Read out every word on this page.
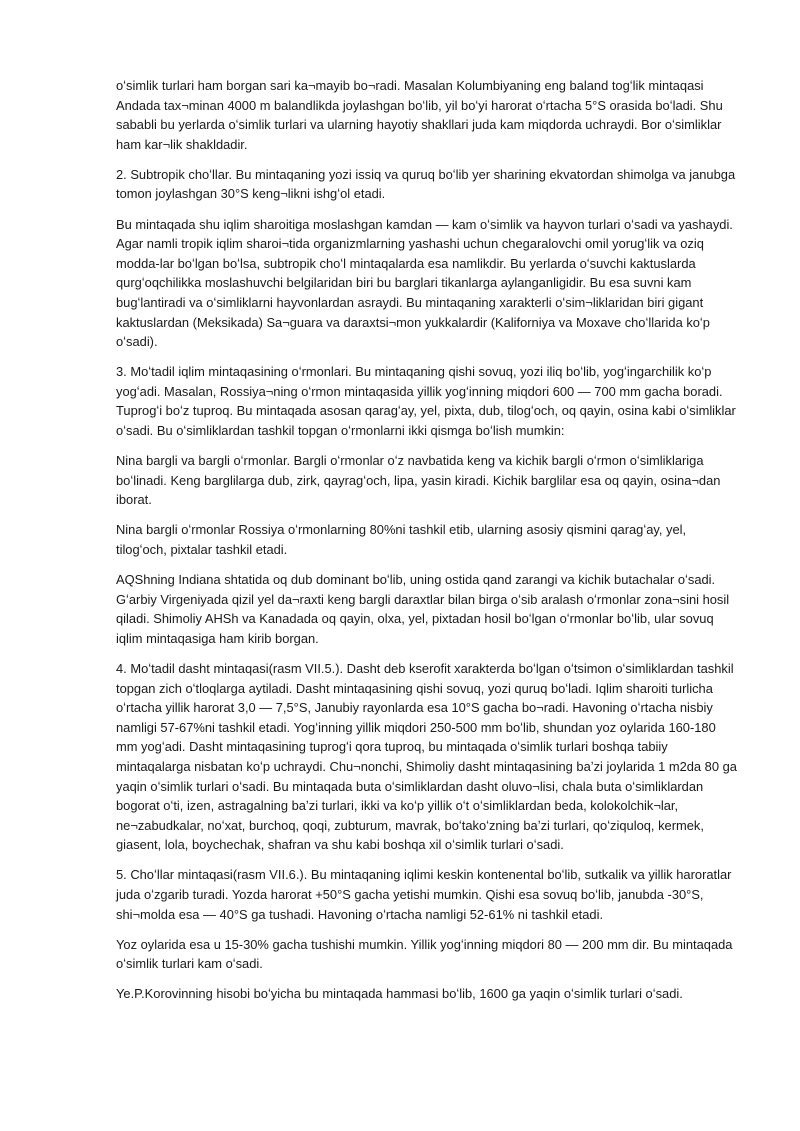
oʻsimlik turlari ham borgan sari ka¬mayib bo¬radi. Masalan Kolumbiyaning eng baland togʻlik mintaqasi Andada tax¬minan 4000 m balandlikda joylashgan boʻlib, yil boʻyi harorat oʻrtacha 5°S orasida boʻladi. Shu sababli bu yerlarda oʻsimlik turlari va ularning hayotiy shakllari juda kam miqdorda uchraydi. Bor oʻsimliklar ham kar¬lik shakldadir.

2. Subtropik choʻllar. Bu mintaqaning yozi issiq va quruq boʻlib yer sharining ekvatordan shimolga va janubga tomon joylashgan 30°S keng¬likni ishgʻol etadi.

Bu mintaqada shu iqlim sharoitiga moslashgan kamdan — kam oʻsimlik va hayvon turlari oʻsadi va yashaydi. Agar namli tropik iqlim sharoi¬tida organizmlarning yashashi uchun chegaralovchi omil yorugʻlik va oziq modda-lar boʻlgan boʻlsa, subtropik choʻl mintaqalarda esa namlikdir. Bu yerlarda oʻsuvchi kaktuslarda qurgʻoqchilikka moslashuvchi belgilaridan biri bu barglari tikanlarga aylanganligidir. Bu esa suvni kam bugʻlantiradi va oʻsimliklarni hayvonlardan asraydi. Bu mintaqaning xarakterli oʻsim¬liklaridan biri gigant kaktuslardan (Meksikada) Sa¬guara va daraxtsi¬mon yukkalardir (Kaliforniya va Moxave choʻllarida koʻp oʻsadi).

3. Moʻtadil iqlim mintaqasining oʻrmonlari. Bu mintaqaning qishi sovuq, yozi iliq boʻlib, yogʻingarchilik koʻp yogʻadi. Masalan, Rossiya¬ning oʻrmon mintaqasida yillik yogʻinning miqdori 600 — 700 mm gacha boradi. Tuprogʻi boʻz tuproq. Bu mintaqada asosan qaragʻay, yel, pixta, dub, tilogʻoch, oq qayin, osina kabi oʻsimliklar oʻsadi. Bu oʻsimliklardan tashkil topgan oʻrmonlarni ikki qismga boʻlish mumkin:

Nina bargli va bargli oʻrmonlar. Bargli oʻrmonlar oʻz navbatida keng va kichik bargli oʻrmon oʻsimliklariga boʻlinadi. Keng barglilarga dub, zirk, qayragʻoch, lipa, yasin kiradi. Kichik barglilar esa oq qayin, osina¬dan iborat.

Nina bargli oʻrmonlar Rossiya oʻrmonlarning 80%ni tashkil etib, ularning asosiy qismini qaragʻay, yel, tilogʻoch, pixtalar tashkil etadi.

AQShning Indiana shtatida oq dub dominant boʻlib, uning ostida qand zarangi va kichik butachalar oʻsadi. Gʻarbiy Virgeniyada qizil yel da¬raxti keng bargli daraxtlar bilan birga oʻsib aralash oʻrmonlar zona¬sini hosil qiladi. Shimoliy AHSh va Kanadada oq qayin, olxa, yel, pixtadan hosil boʻlgan oʻrmonlar boʻlib, ular sovuq iqlim mintaqasiga ham kirib borgan.

4. Moʻtadil dasht mintaqasi(rasm VII.5.). Dasht deb kserofit xarakterda boʻlgan oʻtsimon oʻsimliklardan tashkil topgan zich oʻtloqlarga aytiladi. Dasht mintaqasining qishi sovuq, yozi quruq boʻladi. Iqlim sharoiti turlicha oʻrtacha yillik harorat 3,0 — 7,5°S, Janubiy rayonlarda esa 10°S gacha bo¬radi. Havoning oʻrtacha nisbiy namligi 57-67%ni tashkil etadi. Yogʻinning yillik miqdori 250-500 mm boʻlib, shundan yoz oylarida 160-180 mm yogʻadi. Dasht mintaqasining tuprogʻi qora tuproq, bu mintaqada oʻsimlik turlari boshqa tabiiy mintaqalarga nisbatan koʻp uchraydi. Chu¬nonchi, Shimoliy dasht mintaqasining baʼzi joylarida 1 m2da 80 ga yaqin oʻsimlik turlari oʻsadi. Bu mintaqada buta oʻsimliklardan dasht oluvo¬lisi, chala buta oʻsimliklardan bogorat oʻti, izen, astragalning baʼzi turlari, ikki va koʻp yillik oʻt oʻsimliklardan beda, kolokolchik¬lar, ne¬zabudkalar, noʻxat, burchoq, qoqi, zubturum, mavrak, boʻtakoʻzning baʼzi turlari, qoʻziquloq, kermek, giasent, lola, boychechak, shafran va shu kabi boshqa xil oʻsimlik turlari oʻsadi.

5. Choʻllar mintaqasi(rasm VII.6.). Bu mintaqaning iqlimi keskin kontenental boʻlib, sutkalik va yillik haroratlar juda oʻzgarib turadi. Yozda harorat +50°S gacha yetishi mumkin. Qishi esa sovuq boʻlib, janubda -30°S, shi¬molda esa — 40°S ga tushadi. Havoning oʻrtacha namligi 52-61% ni tashkil etadi.

Yoz oylarida esa u 15-30% gacha tushishi mumkin. Yillik yogʻinning miqdori 80 — 200 mm dir. Bu mintaqada oʻsimlik turlari kam oʻsadi.

Ye.P.Korovinning hisobi boʻyicha bu mintaqada hammasi boʻlib, 1600 ga yaqin oʻsimlik turlari oʻsadi.
